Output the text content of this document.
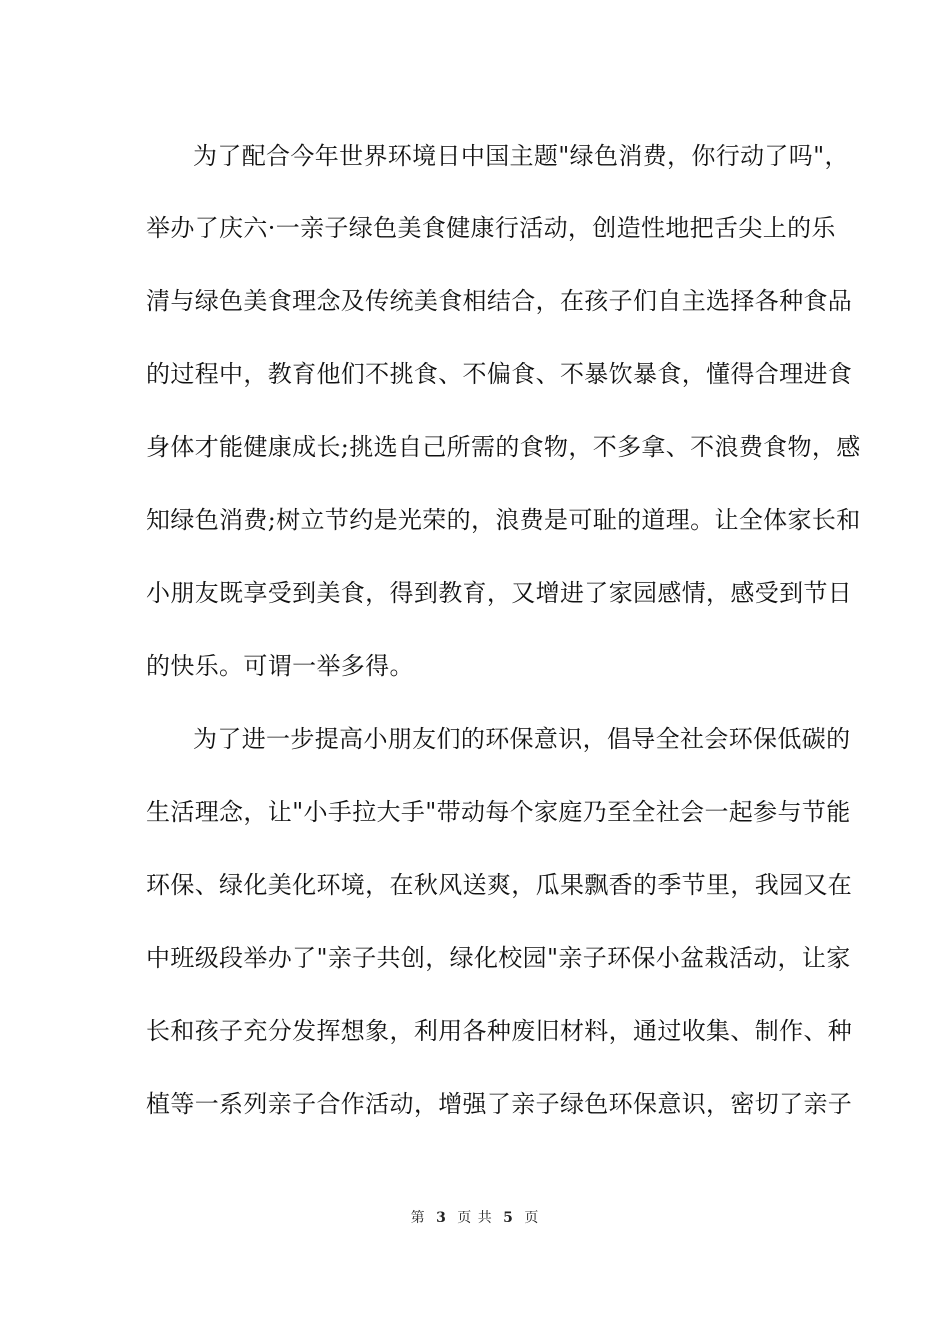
为了配合今年世界环境日中国主题"绿色消费，你行动了吗"，
举办了庆六·一亲子绿色美食健康行活动，创造性地把舌尖上的乐
清与绿色美食理念及传统美食相结合，在孩子们自主选择各种食品
的过程中，教育他们不挑食、不偏食、不暴饮暴食，懂得合理进食
身体才能健康成长;挑选自己所需的食物，不多拿、不浪费食物，感
知绿色消费;树立节约是光荣的，浪费是可耻的道理。让全体家长和
小朋友既享受到美食，得到教育，又增进了家园感情，感受到节日
的快乐。可谓一举多得。
为了进一步提高小朋友们的环保意识，倡导全社会环保低碳的
生活理念，让"小手拉大手"带动每个家庭乃至全社会一起参与节能
环保、绿化美化环境，在秋风送爽，瓜果飘香的季节里，我园又在
中班级段举办了"亲子共创，绿化校园"亲子环保小盆栽活动，让家
长和孩子充分发挥想象，利用各种废旧材料，通过收集、制作、种
植等一系列亲子合作活动，增强了亲子绿色环保意识，密切了亲子
第 3 页 共 5 页
